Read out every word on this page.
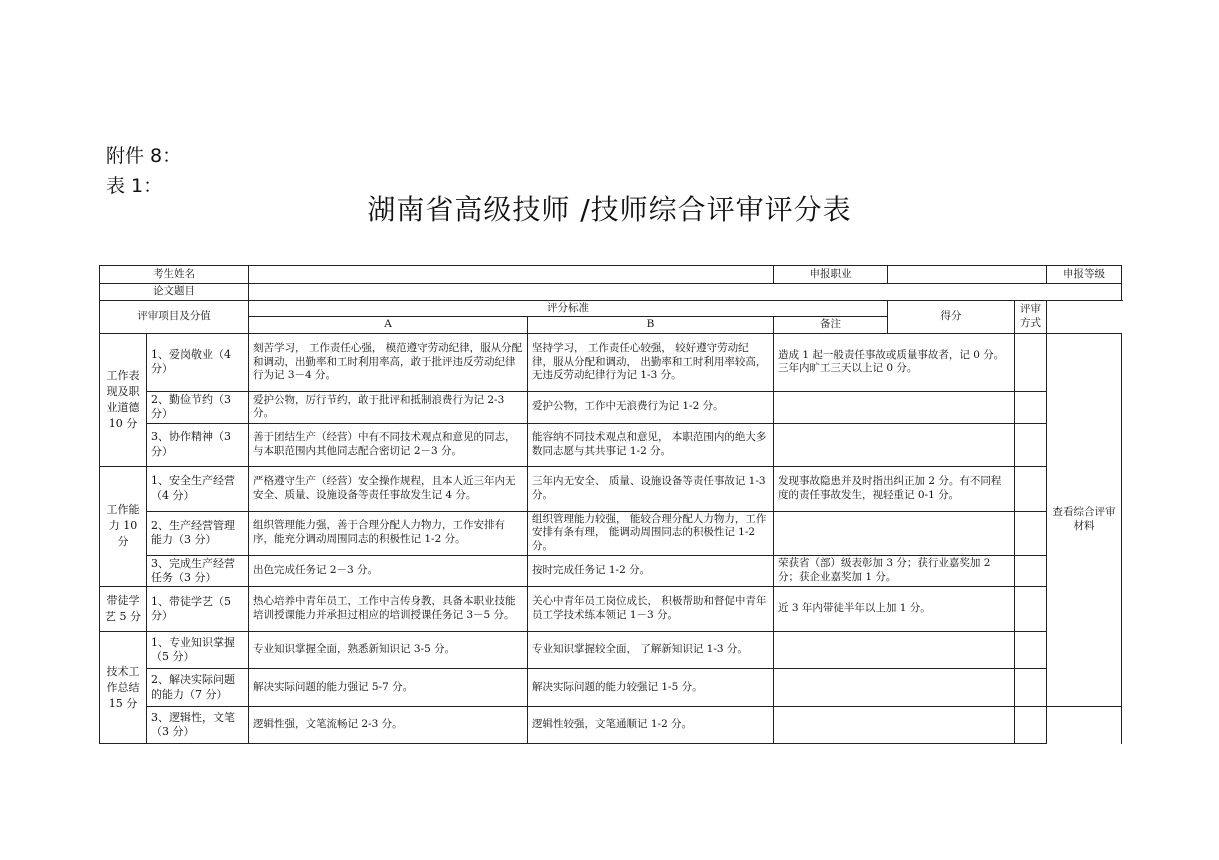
附件 8：
表 1：
湖南省高级技师 /技师综合评审评分表
考生姓名				申报职业			申报等级	
论文题目								
评审项目及分值		评分标准			得分	评审方式		
		A	B	备注				
工作表现及职业道德 10 分	1、爱岗敬业（4 分）	刻苦学习， 工作责任心强， 模范遵守劳动纪律，服从分配和调动，出勤率和工时利用率高，敢于批评违反劳动纪律行为记 3－4 分。	坚持学习， 工作责任心较强， 较好遵守劳动纪律，服从分配和调动， 出勤率和工时利用率较高， 无违反劳动纪律行为记 1-3 分。	造成 1 起一般责任事故或质量事故者，记 0 分。三年内旷工三天以上记 0 分。			查看综合评审材料	
	2、勤俭节约（3 分）	爱护公物，厉行节约，敢于批评和抵制浪费行为记 2-3 分。	爱护公物，工作中无浪费行为记 1-2 分。					
	3、协作精神（3 分）	善于团结生产（经营）中有不同技术观点和意见的同志，与本职范围内其他同志配合密切记 2－3 分。	能容纳不同技术观点和意见， 本职范围内的绝大多数同志愿与其共事记 1-2 分。					
工作能力 10 分	1、安全生产经营（4 分）	严格遵守生产（经营）安全操作规程，且本人近三年内无安全、质量、设施设备等责任事故发生记 4 分。	三年内无安全、 质量、设施设备等责任事故记 1-3 分。	发现事故隐患并及时指出纠正加 2 分。有不同程度的责任事故发生，视轻重记 0-1 分。				
	2、生产经营管理能力（3 分）	组织管理能力强，善于合理分配人力物力，工作安排有序，能充分调动周围同志的积极性记 1-2 分。	组织管理能力较强， 能较合理分配人力物力，工作安排有条有理， 能调动周围同志的积极性记 1-2 分。					
	3、完成生产经营任务（3 分）	出色完成任务记 2－3 分。	按时完成任务记 1-2 分。	荣获省（部）级表彰加 3 分；获行业嘉奖加 2 分；获企业嘉奖加 1 分。				
带徒学艺 5 分	1、带徒学艺（5 分）	热心培养中青年员工，工作中言传身教，具备本职业技能培训授课能力并承担过相应的培训授课任务记 3－5 分。	关心中青年员工岗位成长， 积极帮助和督促中青年员工学技术练本领记 1－3 分。	近 3 年内带徒半年以上加 1 分。				
技术工作总结 15 分	1、专业知识掌握（5 分）	专业知识掌握全面，熟悉新知识记 3-5 分。	专业知识掌握较全面， 了解新知识记 1-3 分。			
	2、解决实际问题的能力（7 分）	解决实际问题的能力强记 5-7 分。	解决实际问题的能力较强记 1-5 分。					
	3、逻辑性，文笔（3 分）	逻辑性强，文笔流畅记 2-3 分。	逻辑性较强，文笔通顺记 1-2 分。					
